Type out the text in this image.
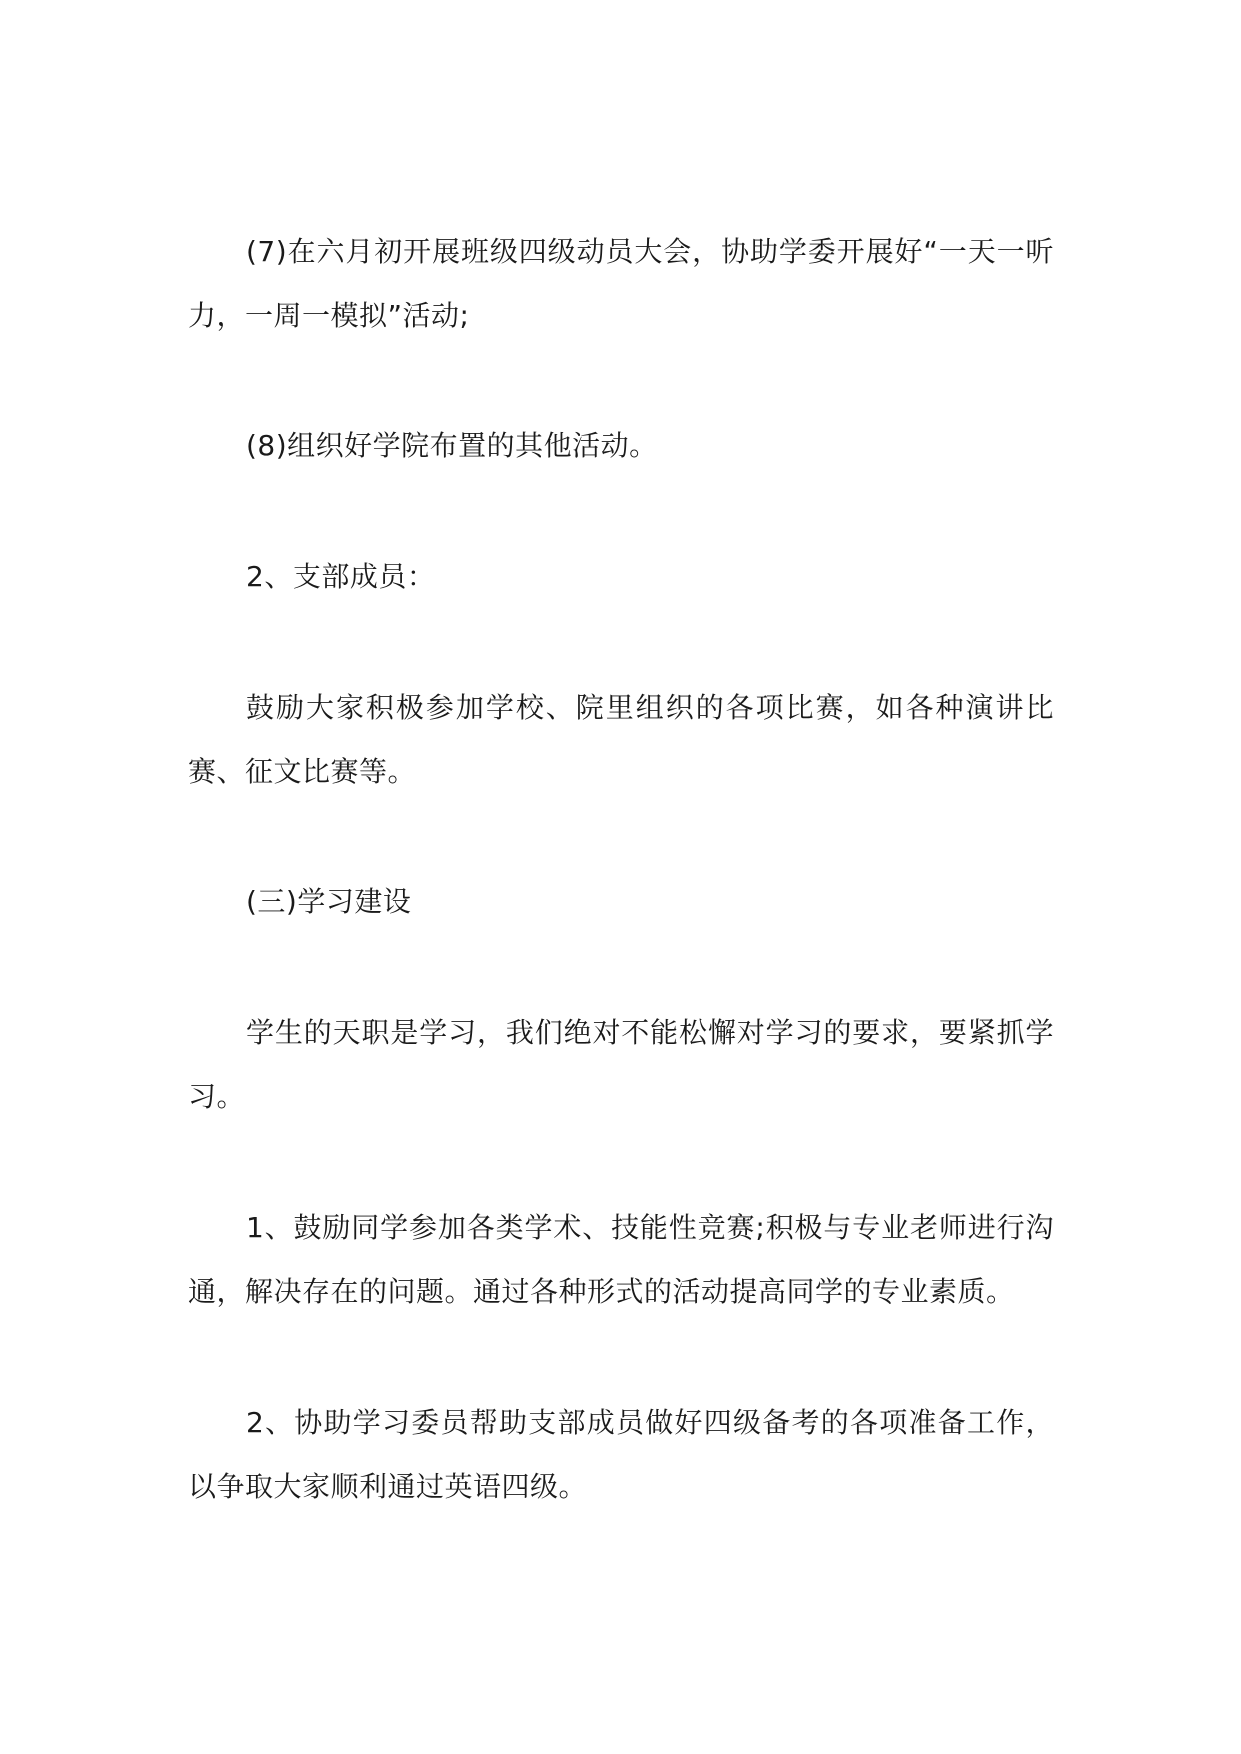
(7)在六月初开展班级四级动员大会，协助学委开展好“一天一听力，一周一模拟”活动;

(8)组织好学院布置的其他活动。

2、支部成员：

鼓励大家积极参加学校、院里组织的各项比赛，如各种演讲比赛、征文比赛等。

(三)学习建设

学生的天职是学习，我们绝对不能松懈对学习的要求，要紧抓学习。

1、鼓励同学参加各类学术、技能性竞赛;积极与专业老师进行沟通，解决存在的问题。通过各种形式的活动提高同学的专业素质。

2、协助学习委员帮助支部成员做好四级备考的各项准备工作，以争取大家顺利通过英语四级。
